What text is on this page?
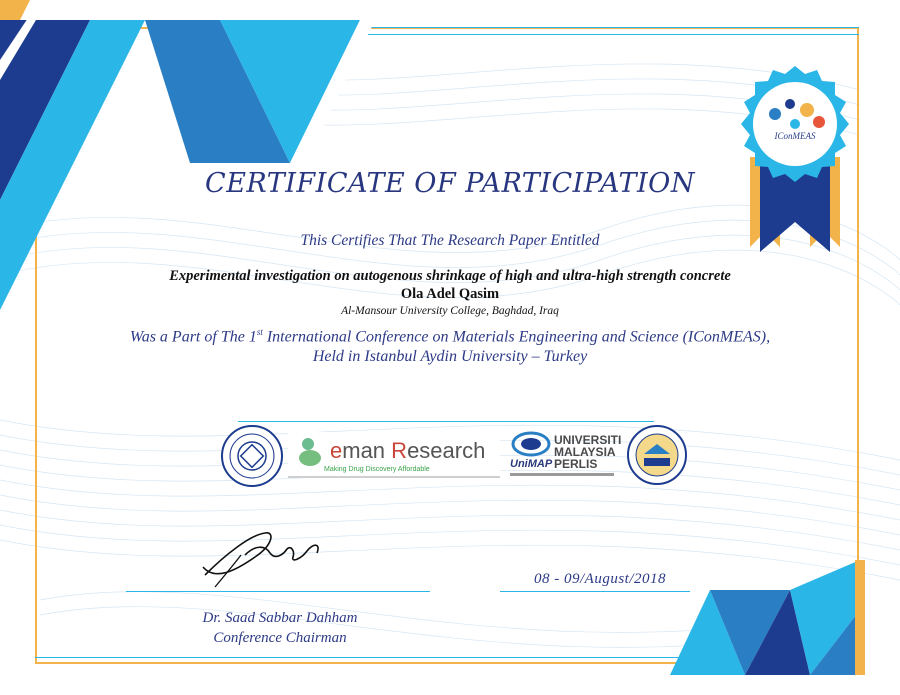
IConMEAS
CERTIFICATE OF PARTICIPATION
This Certifies That The Research Paper Entitled
Experimental investigation on autogenous shrinkage of high and ultra-high strength concrete
Ola Adel Qasim
Al-Mansour University College, Baghdad, Iraq
Was a Part of The 1st International Conference on Materials Engineering and Science (IConMEAS),
Held in Istanbul Aydin University – Turkey
eman Research
Making Drug Discovery Affordable
UNIVERSITI
MALAYSIA
PERLIS
UniMAP
08 - 09/August/2018
Dr. Saad Sabbar Dahham
Conference Chairman
